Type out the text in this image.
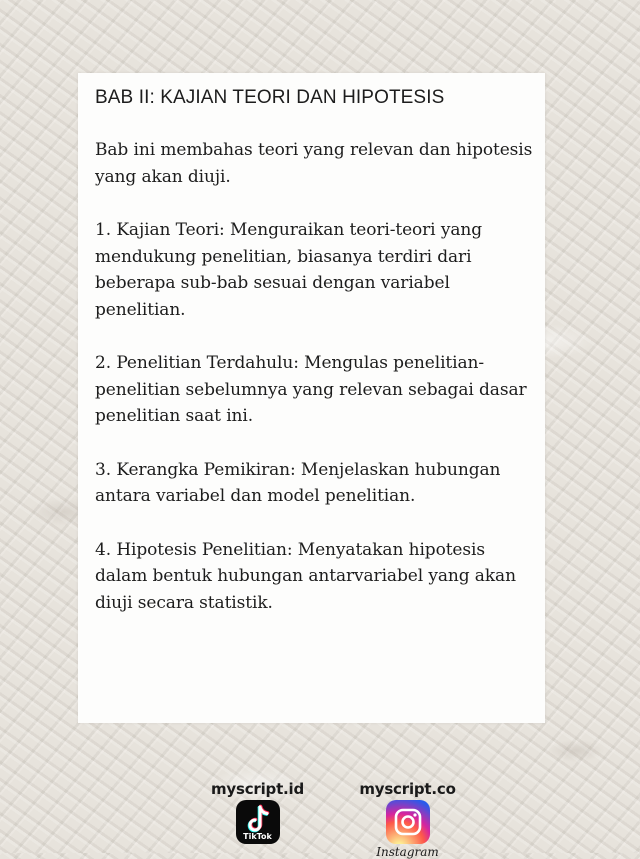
BAB II: KAJIAN TEORI DAN HIPOTESIS
Bab ini membahas teori yang relevan dan hipotesis yang akan diuji.
1. Kajian Teori: Menguraikan teori-teori yang mendukung penelitian, biasanya terdiri dari beberapa sub-bab sesuai dengan variabel penelitian.
2. Penelitian Terdahulu: Mengulas penelitian-penelitian sebelumnya yang relevan sebagai dasar penelitian saat ini.
3. Kerangka Pemikiran: Menjelaskan hubungan antara variabel dan model penelitian.
4. Hipotesis Penelitian: Menyatakan hipotesis dalam bentuk hubungan antarvariabel yang akan diuji secara statistik.
myscript.id
TikTok
myscript.co
Instagram
